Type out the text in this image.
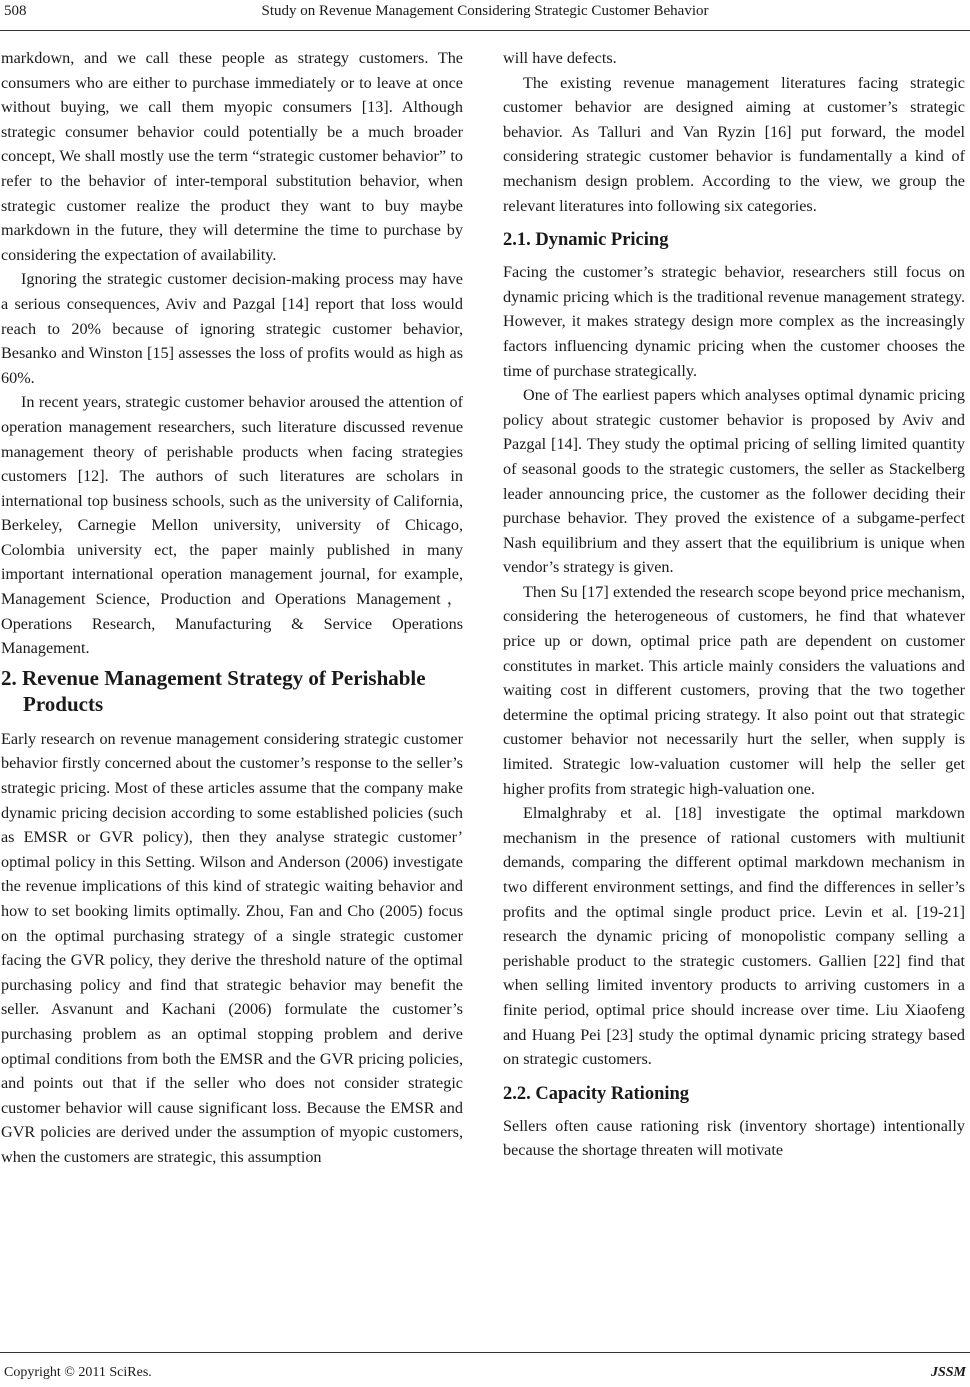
508	Study on Revenue Management Considering Strategic Customer Behavior

markdown, and we call these people as strategy customers. The consumers who are either to purchase immediately or to leave at once without buying, we call them myopic consumers [13]. Although strategic consumer behavior could potentially be a much broader concept, We shall mostly use the term “strategic customer behavior” to refer to the behavior of inter-temporal substitution behavior, when strategic customer realize the product they want to buy maybe markdown in the future, they will determine the time to purchase by considering the expectation of availability.

Ignoring the strategic customer decision-making process may have a serious consequences, Aviv and Pazgal [14] report that loss would reach to 20% because of ignoring strategic customer behavior, Besanko and Winston [15] assesses the loss of profits would as high as 60%.

In recent years, strategic customer behavior aroused the attention of operation management researchers, such literature discussed revenue management theory of perishable products when facing strategies customers [12]. The authors of such literatures are scholars in international top business schools, such as the university of California, Berkeley, Carnegie Mellon university, university of Chicago, Colombia university ect, the paper mainly published in many important international operation management journal, for example, Management Science, Production and Operations Management，Operations Research, Manufacturing & Service Operations Management.

2. Revenue Management Strategy of Perishable Products

Early research on revenue management considering strategic customer behavior firstly concerned about the customer’s response to the seller’s strategic pricing. Most of these articles assume that the company make dynamic pricing decision according to some established policies (such as EMSR or GVR policy), then they analyse strategic customer’ optimal policy in this Setting. Wilson and Anderson (2006) investigate the revenue implications of this kind of strategic waiting behavior and how to set booking limits optimally. Zhou, Fan and Cho (2005) focus on the optimal purchasing strategy of a single strategic customer facing the GVR policy, they derive the threshold nature of the optimal purchasing policy and find that strategic behavior may benefit the seller. Asvanunt and Kachani (2006) formulate the customer’s purchasing problem as an optimal stopping problem and derive optimal conditions from both the EMSR and the GVR pricing policies, and points out that if the seller who does not consider strategic customer behavior will cause significant loss. Because the EMSR and GVR policies are derived under the assumption of myopic customers, when the customers are strategic, this assumption

will have defects.

The existing revenue management literatures facing strategic customer behavior are designed aiming at customer’s strategic behavior. As Talluri and Van Ryzin [16] put forward, the model considering strategic customer behavior is fundamentally a kind of mechanism design problem. According to the view, we group the relevant literatures into following six categories.

2.1. Dynamic Pricing

Facing the customer’s strategic behavior, researchers still focus on dynamic pricing which is the traditional revenue management strategy. However, it makes strategy design more complex as the increasingly factors influencing dynamic pricing when the customer chooses the time of purchase strategically.

One of The earliest papers which analyses optimal dynamic pricing policy about strategic customer behavior is proposed by Aviv and Pazgal [14]. They study the optimal pricing of selling limited quantity of seasonal goods to the strategic customers, the seller as Stackelberg leader announcing price, the customer as the follower deciding their purchase behavior. They proved the existence of a subgame-perfect Nash equilibrium and they assert that the equilibrium is unique when vendor’s strategy is given.

Then Su [17] extended the research scope beyond price mechanism, considering the heterogeneous of customers, he find that whatever price up or down, optimal price path are dependent on customer constitutes in market. This article mainly considers the valuations and waiting cost in different customers, proving that the two together determine the optimal pricing strategy. It also point out that strategic customer behavior not necessarily hurt the seller, when supply is limited. Strategic low-valuation customer will help the seller get higher profits from strategic high-valuation one.

Elmalghraby et al. [18] investigate the optimal markdown mechanism in the presence of rational customers with multiunit demands, comparing the different optimal markdown mechanism in two different environment settings, and find the differences in seller’s profits and the optimal single product price. Levin et al. [19-21] research the dynamic pricing of monopolistic company selling a perishable product to the strategic customers. Gallien [22] find that when selling limited inventory products to arriving customers in a finite period, optimal price should increase over time. Liu Xiaofeng and Huang Pei [23] study the optimal dynamic pricing strategy based on strategic customers.

2.2. Capacity Rationing

Sellers often cause rationing risk (inventory shortage) intentionally because the shortage threaten will motivate

Copyright © 2011 SciRes.	JSSM
